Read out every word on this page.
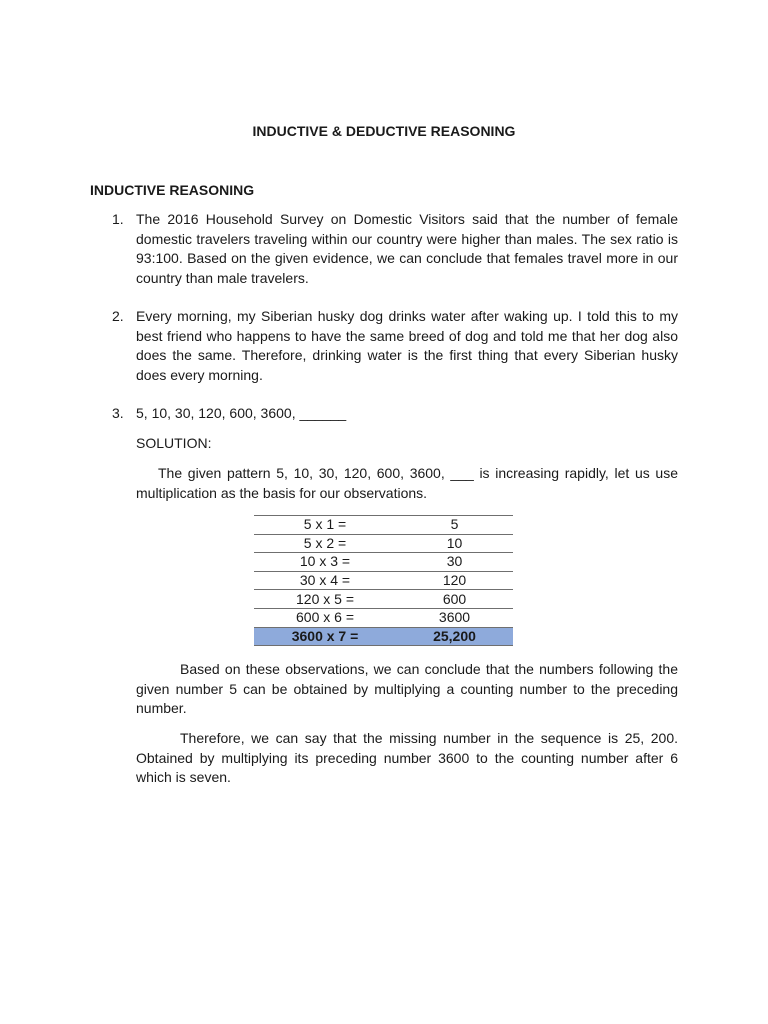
INDUCTIVE & DEDUCTIVE REASONING
INDUCTIVE REASONING
1. The 2016 Household Survey on Domestic Visitors said that the number of female domestic travelers traveling within our country were higher than males. The sex ratio is 93:100. Based on the given evidence, we can conclude that females travel more in our country than male travelers.
2. Every morning, my Siberian husky dog drinks water after waking up. I told this to my best friend who happens to have the same breed of dog and told me that her dog also does the same. Therefore, drinking water is the first thing that every Siberian husky does every morning.
3. 5, 10, 30, 120, 600, 3600, ______
SOLUTION:
The given pattern 5, 10, 30, 120, 600, 3600, ___ is increasing rapidly, let us use multiplication as the basis for our observations.
5 x 1 =	5
5 x 2 =	10
10 x 3 =	30
30 x 4 =	120
120 x 5 =	600
600 x 6 =	3600
3600 x 7 =	25,200
Based on these observations, we can conclude that the numbers following the given number 5 can be obtained by multiplying a counting number to the preceding number.
Therefore, we can say that the missing number in the sequence is 25, 200. Obtained by multiplying its preceding number 3600 to the counting number after 6 which is seven.
